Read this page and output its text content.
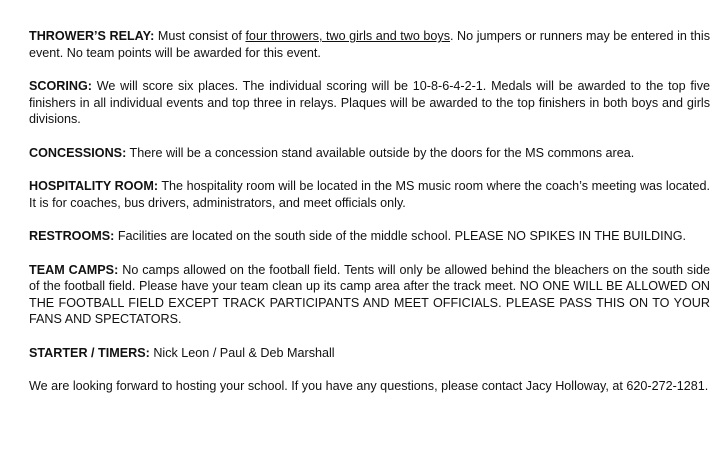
THROWER’S RELAY: Must consist of four throwers, two girls and two boys. No jumpers or runners may be entered in this event. No team points will be awarded for this event.

SCORING: We will score six places. The individual scoring will be 10-8-6-4-2-1. Medals will be awarded to the top five finishers in all individual events and top three in relays. Plaques will be awarded to the top finishers in both boys and girls divisions.

CONCESSIONS: There will be a concession stand available outside by the doors for the MS commons area.

HOSPITALITY ROOM: The hospitality room will be located in the MS music room where the coach’s meeting was located. It is for coaches, bus drivers, administrators, and meet officials only.

RESTROOMS: Facilities are located on the south side of the middle school. PLEASE NO SPIKES IN THE BUILDING.

TEAM CAMPS: No camps allowed on the football field. Tents will only be allowed behind the bleachers on the south side of the football field. Please have your team clean up its camp area after the track meet. NO ONE WILL BE ALLOWED ON THE FOOTBALL FIELD EXCEPT TRACK PARTICIPANTS AND MEET OFFICIALS. PLEASE PASS THIS ON TO YOUR FANS AND SPECTATORS.

STARTER / TIMERS: Nick Leon / Paul & Deb Marshall

We are looking forward to hosting your school. If you have any questions, please contact Jacy Holloway, at 620-272-1281.
